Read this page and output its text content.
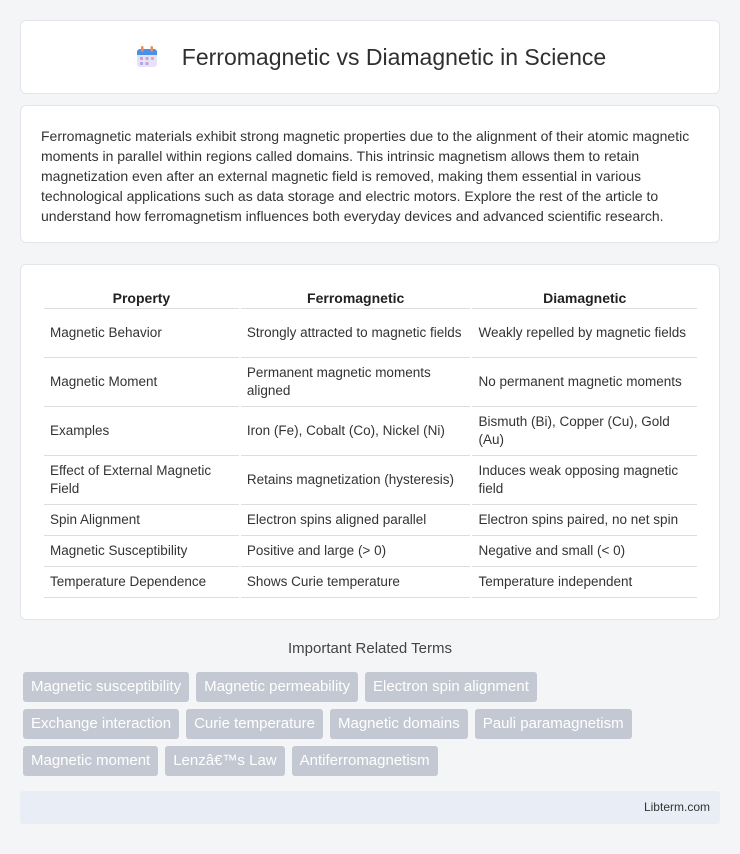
Ferromagnetic vs Diamagnetic in Science

Ferromagnetic materials exhibit strong magnetic properties due to the alignment of their atomic magnetic moments in parallel within regions called domains. This intrinsic magnetism allows them to retain magnetization even after an external magnetic field is removed, making them essential in various technological applications such as data storage and electric motors. Explore the rest of the article to understand how ferromagnetism influences both everyday devices and advanced scientific research.

Property	Ferromagnetic	Diamagnetic
Magnetic Behavior	Strongly attracted to magnetic fields	Weakly repelled by magnetic fields
Magnetic Moment	Permanent magnetic moments aligned	No permanent magnetic moments
Examples	Iron (Fe), Cobalt (Co), Nickel (Ni)	Bismuth (Bi), Copper (Cu), Gold (Au)
Effect of External Magnetic Field	Retains magnetization (hysteresis)	Induces weak opposing magnetic field
Spin Alignment	Electron spins aligned parallel	Electron spins paired, no net spin
Magnetic Susceptibility	Positive and large (> 0)	Negative and small (< 0)
Temperature Dependence	Shows Curie temperature	Temperature independent
Important Related Terms
Magnetic susceptibility	Magnetic permeability	Electron spin alignment
Exchange interaction	Curie temperature	Magnetic domains	Pauli paramagnetism
Magnetic moment	Lenzâ€™s Law	Antiferromagnetism
Libterm.com
